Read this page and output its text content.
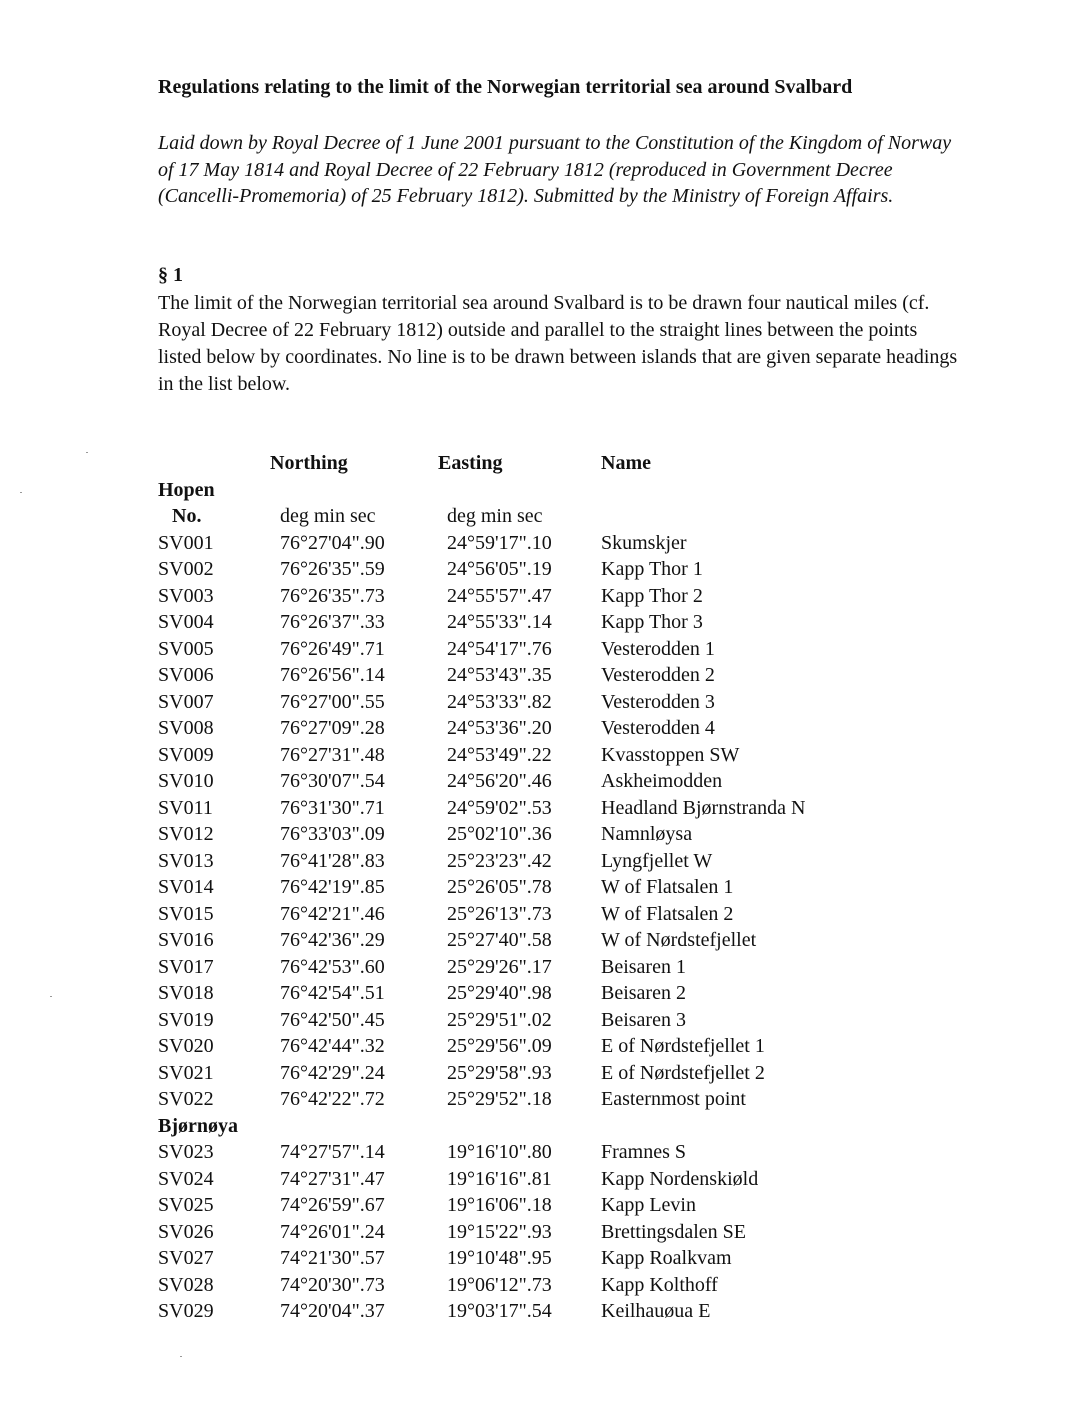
Regulations relating to the limit of the Norwegian territorial sea around Svalbard
Laid down by Royal Decree of 1 June 2001 pursuant to the Constitution of the Kingdom of Norway of 17 May 1814 and Royal Decree of 22 February 1812 (reproduced in Government Decree (Cancelli-Promemoria) of 25 February 1812). Submitted by the Ministry of Foreign Affairs.
§ 1
The limit of the Norwegian territorial sea around Svalbard is to be drawn four nautical miles (cf. Royal Decree of 22 February 1812) outside and parallel to the straight lines between the points listed below by coordinates. No line is to be drawn between islands that are given separate headings in the list below.
Northing	Easting	Name
Hopen
No.	deg min sec	deg min sec
SV001	76°27'04".90	24°59'17".10 Skumskjer
SV002	76°26'35".59	24°56'05".19 Kapp Thor 1
SV003	76°26'35".73	24°55'57".47 Kapp Thor 2
SV004	76°26'37".33	24°55'33".14 Kapp Thor 3
SV005	76°26'49".71	24°54'17".76 Vesterodden 1
SV006	76°26'56".14	24°53'43".35 Vesterodden 2
SV007	76°27'00".55	24°53'33".82 Vesterodden 3
SV008	76°27'09".28	24°53'36".20 Vesterodden 4
SV009	76°27'31".48	24°53'49".22 Kvasstoppen SW
SV010	76°30'07".54	24°56'20".46 Askheimodden
SV011	76°31'30".71	24°59'02".53 Headland Bjørnstranda N
SV012	76°33'03".09	25°02'10".36 Namnløysa
SV013	76°41'28".83	25°23'23".42 Lyngfjellet W
SV014	76°42'19".85	25°26'05".78 W of Flatsalen 1
SV015	76°42'21".46	25°26'13".73 W of Flatsalen 2
SV016	76°42'36".29	25°27'40".58 W of Nørdstefjellet
SV017	76°42'53".60	25°29'26".17 Beisaren 1
SV018	76°42'54".51	25°29'40".98 Beisaren 2
SV019	76°42'50".45	25°29'51".02 Beisaren 3
SV020	76°42'44".32	25°29'56".09 E of Nørdstefjellet 1
SV021	76°42'29".24	25°29'58".93 E of Nørdstefjellet 2
SV022	76°42'22".72	25°29'52".18 Easternmost point
Bjørnøya
SV023	74°27'57".14	19°16'10".80 Framnes S
SV024	74°27'31".47	19°16'16".81 Kapp Nordenskiøld
SV025	74°26'59".67	19°16'06".18 Kapp Levin
SV026	74°26'01".24	19°15'22".93 Brettingsdalen SE
SV027	74°21'30".57	19°10'48".95 Kapp Roalkvam
SV028	74°20'30".73	19°06'12".73 Kapp Kolthoff
SV029	74°20'04".37	19°03'17".54 Keilhauøua E
